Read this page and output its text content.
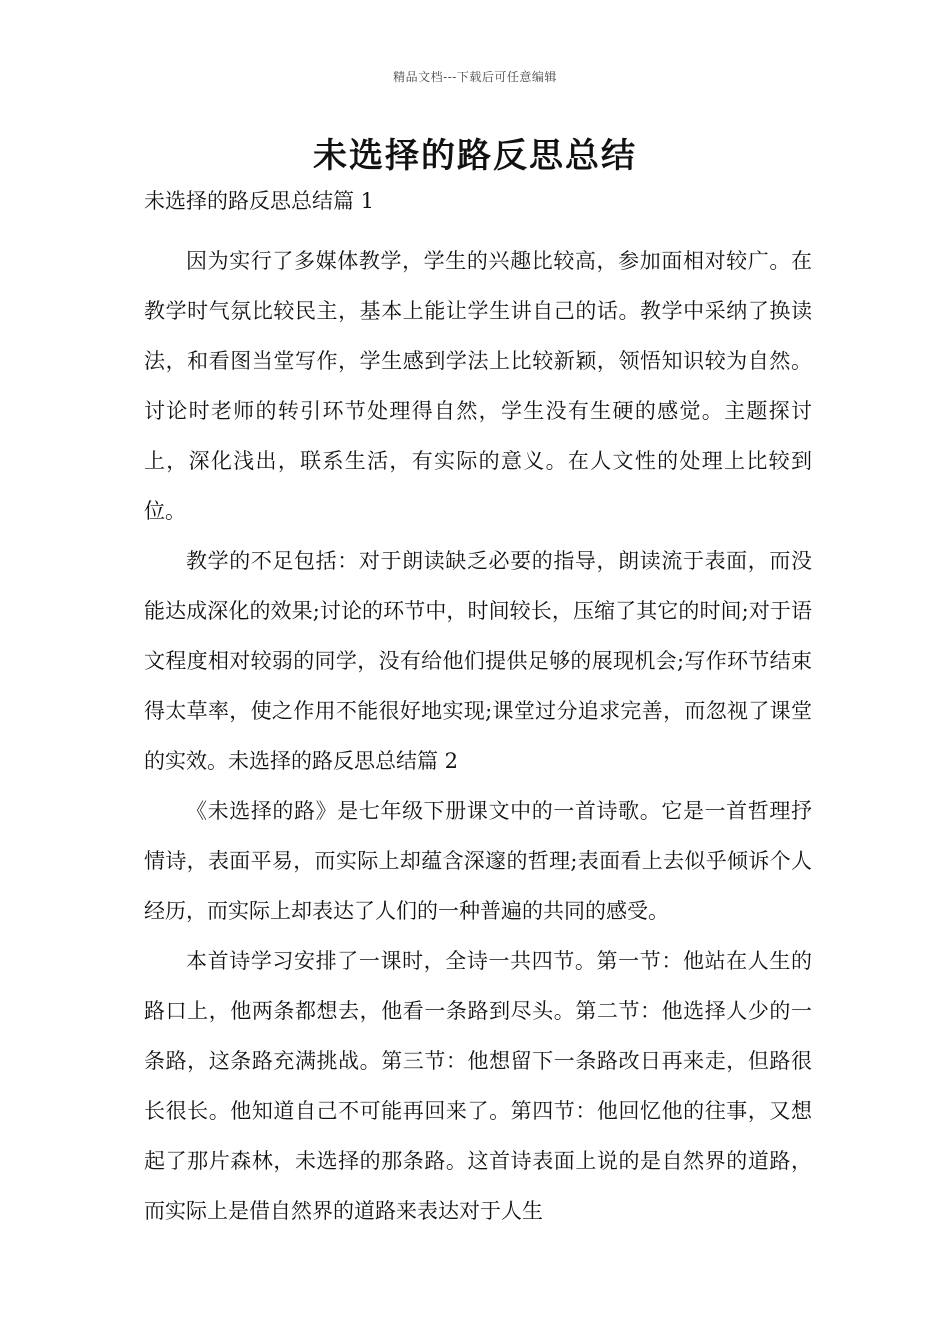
精品文档---下载后可任意编辑
未选择的路反思总结

未选择的路反思总结篇 1

因为实行了多媒体教学，学生的兴趣比较高，参加面相对较广。在教学时气氛比较民主，基本上能让学生讲自己的话。教学中采纳了换读法，和看图当堂写作，学生感到学法上比较新颖，领悟知识较为自然。讨论时老师的转引环节处理得自然，学生没有生硬的感觉。主题探讨上，深化浅出，联系生活，有实际的意义。在人文性的处理上比较到位。

教学的不足包括：对于朗读缺乏必要的指导，朗读流于表面，而没能达成深化的效果;讨论的环节中，时间较长，压缩了其它的时间;对于语文程度相对较弱的同学，没有给他们提供足够的展现机会;写作环节结束得太草率，使之作用不能很好地实现;课堂过分追求完善，而忽视了课堂的实效。未选择的路反思总结篇 2

《未选择的路》是七年级下册课文中的一首诗歌。它是一首哲理抒情诗，表面平易，而实际上却蕴含深邃的哲理;表面看上去似乎倾诉个人经历，而实际上却表达了人们的一种普遍的共同的感受。

本首诗学习安排了一课时，全诗一共四节。第一节：他站在人生的路口上，他两条都想去，他看一条路到尽头。第二节：他选择人少的一条路，这条路充满挑战。第三节：他想留下一条路改日再来走，但路很长很长。他知道自己不可能再回来了。第四节：他回忆他的往事，又想起了那片森林，未选择的那条路。这首诗表面上说的是自然界的道路，而实际上是借自然界的道路来表达对于人生
